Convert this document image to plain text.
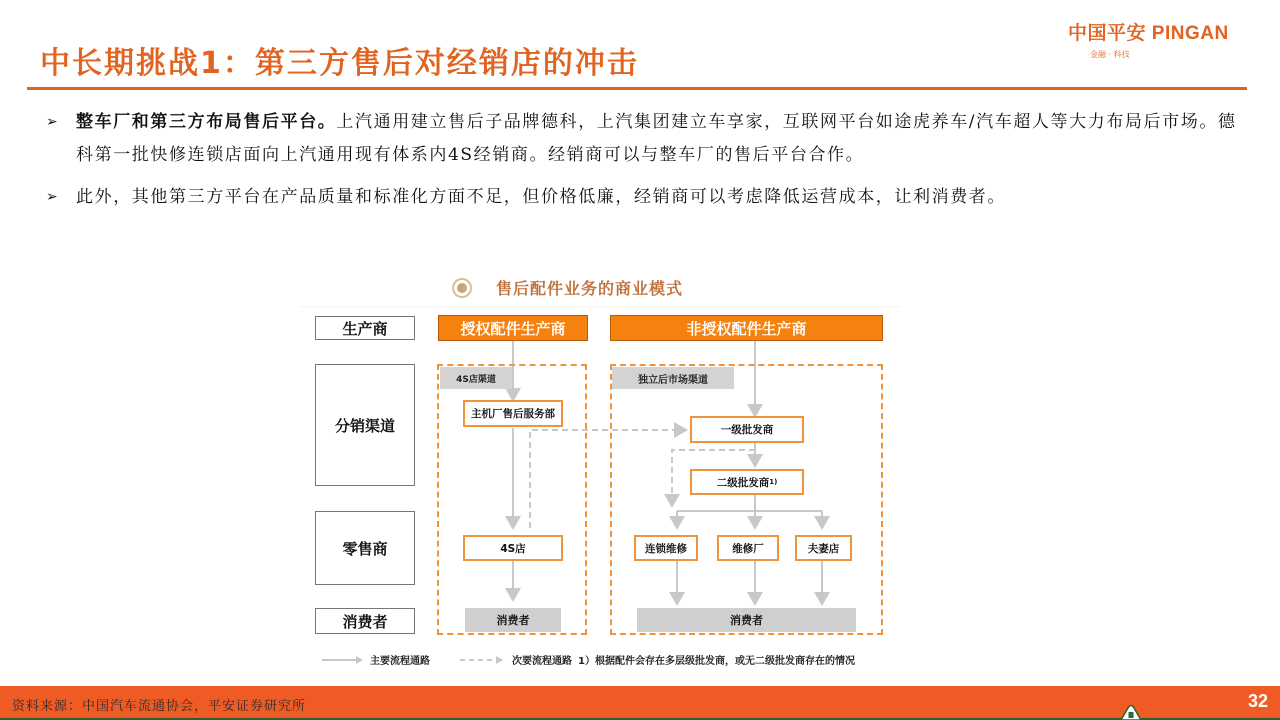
中长期挑战1：第三方售后对经销店的冲击
中国平安 PINGAN
金融 · 科技
➢ 整车厂和第三方布局售后平台。上汽通用建立售后子品牌德科，上汽集团建立车享家，互联网平台如途虎养车/汽车超人等大力布局后市场。德科第一批快修连锁店面向上汽通用现有体系内4S经销商。经销商可以与整车厂的售后平台合作。
➢ 此外，其他第三方平台在产品质量和标准化方面不足，但价格低廉，经销商可以考虑降低运营成本，让利消费者。
售后配件业务的商业模式
生产商
分销渠道
零售商
消费者
授权配件生产商	非授权配件生产商
4S店渠道
主机厂售后服务部
4S店
消费者
独立后市场渠道
一级批发商
二级批发商 1)
连锁维修	维修厂	夫妻店
消费者
主要流程通路	次要流程通路 1）根据配件会存在多层级批发商，或无二级批发商存在的情况
资料来源：中国汽车流通协会，平安证券研究所	32
